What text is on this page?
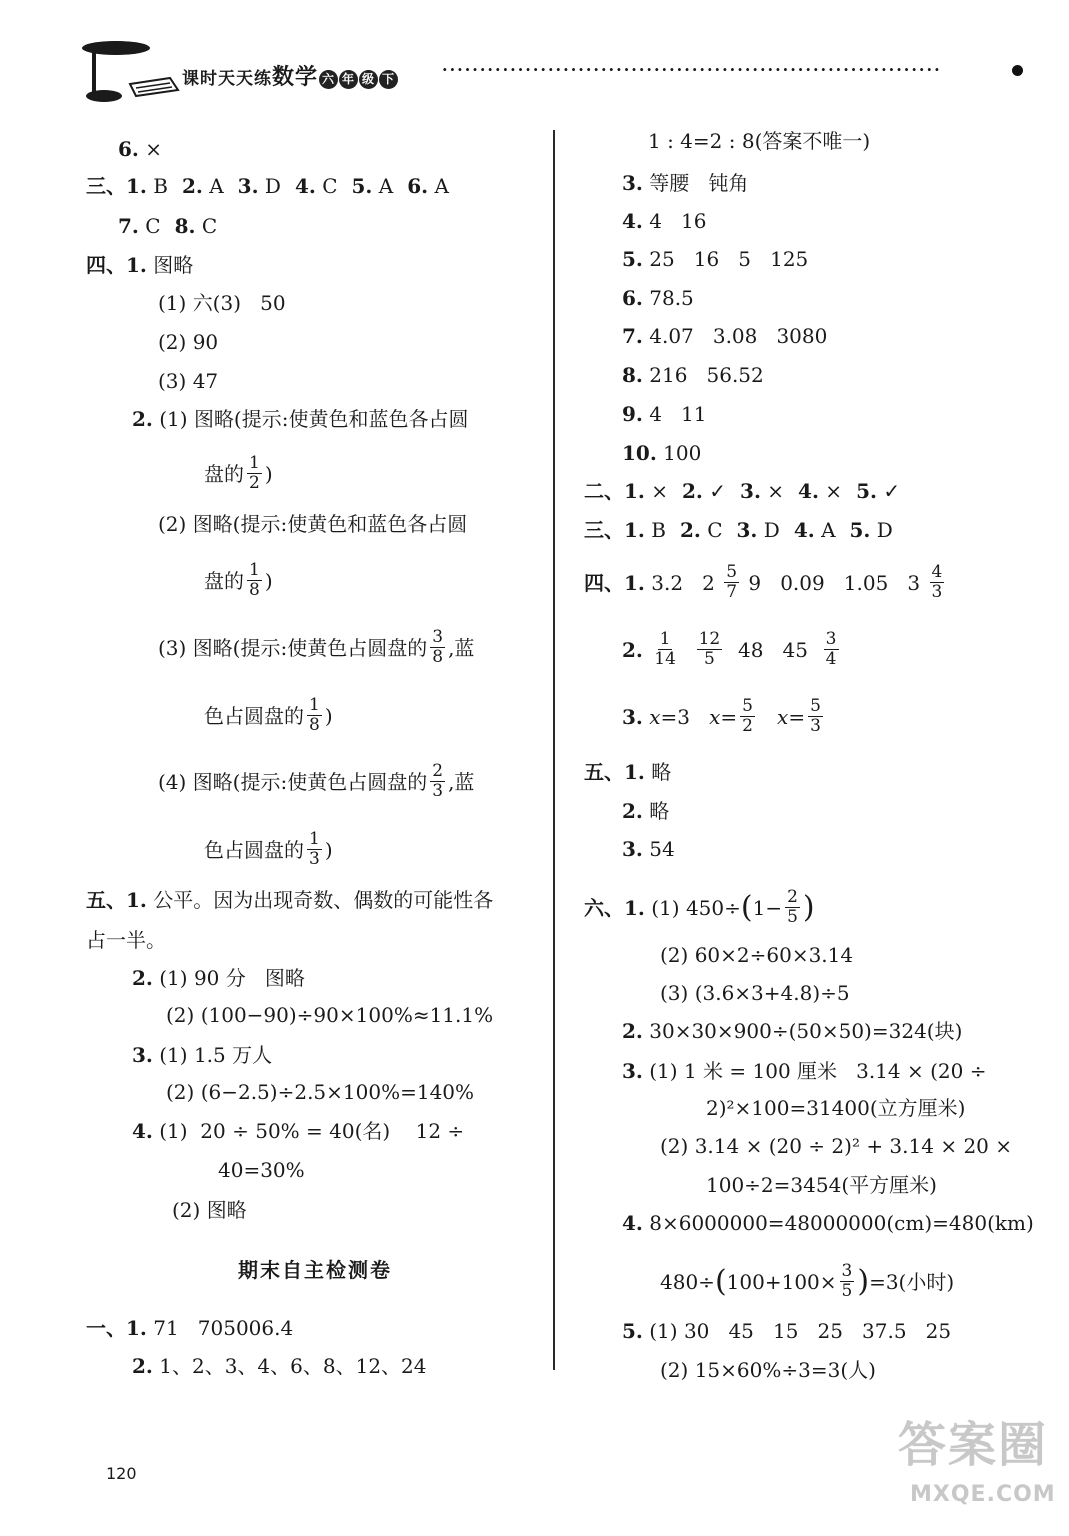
课时天天练数学 六 年 级 下	··································································
6.
×
三、 1.
B 2.
A 3.
D 4.
C 5.
A 6.
A
7.
C 8.
C
四、 1.
图略
(1) 六(3)   50
(2) 90
(3) 47
2.
(1) 图略(提示:使黄色和蓝色各占圆
盘的 $\frac{1}{2}$ )
(2) 图略(提示:使黄色和蓝色各占圆
盘的 $\frac{1}{8}$ )
(3) 图略(提示:使黄色占圆盘的 $\frac{3}{8}$ ,蓝
色占圆盘的 $\frac{1}{8}$ )
(4) 图略(提示:使黄色占圆盘的 $\frac{2}{3}$ ,蓝
色占圆盘的 $\frac{1}{3}$ )
五、 1.
公平。因为出现奇数、偶数的可能性各
占一半。
2.
(1) 90 分   图略
(2) (100−90)÷90×100%≈11.1%
3.
(1) 1.5 万人
(2) (6−2.5)÷2.5×100%=140%
4.
(1)  20 ÷ 50% = 40(名)    12 ÷
40=30%
(2) 图略
期末自主检测卷
一、 1.
71   705006.4
2.
1、2、3、4、6、8、12、24
1 : 4=2 : 8(答案不唯一)
3.
等腰   钝角
4.
4   16
5.
25   16   5   125
6.
78.5
7.
4.07   3.08   3080
8.
216   56.52
9.
4   11
10.
100
二、 1.
× 2.
✓ 3.
× 4.
× 5.
✓
三、 1.
B 2.
C 3.
D 4.
A 5.
D
四、 1.
3.2   2
$\frac{5}{7}$
9   0.09   1.05   3
$\frac{4}{3}$
2.
$\frac{1}{14}$
$\frac{12}{5}$
48   45
$\frac{3}{4}$
3.
x =3
$x = \frac{5}{2}$
$x = \frac{5}{3}$
五、 1.
略
2.
略
3.
54
六、 1.
(1) 450÷ ( $1- \frac{2}{5}$ )
(2) 60×2÷60×3.14
(3) (3.6×3+4.8)÷5
2.
30×30×900÷(50×50)=324(块)
3.
(1) 1 米 = 100 厘米   3.14 × (20 ÷
2)²×100=31400(立方厘米)
(2) 3.14 × (20 ÷ 2)² + 3.14 × 20 ×
100÷2=3454(平方厘米)
4.
8×6000000=48000000(cm)=480(km)
480÷ ( $100+100\times \frac{3}{5}$ ) =3(小时)
5.
(1) 30   45   15   25   37.5   25
(2) 15×60%÷3=3(人)
120
答案圈
MXQE.COM
